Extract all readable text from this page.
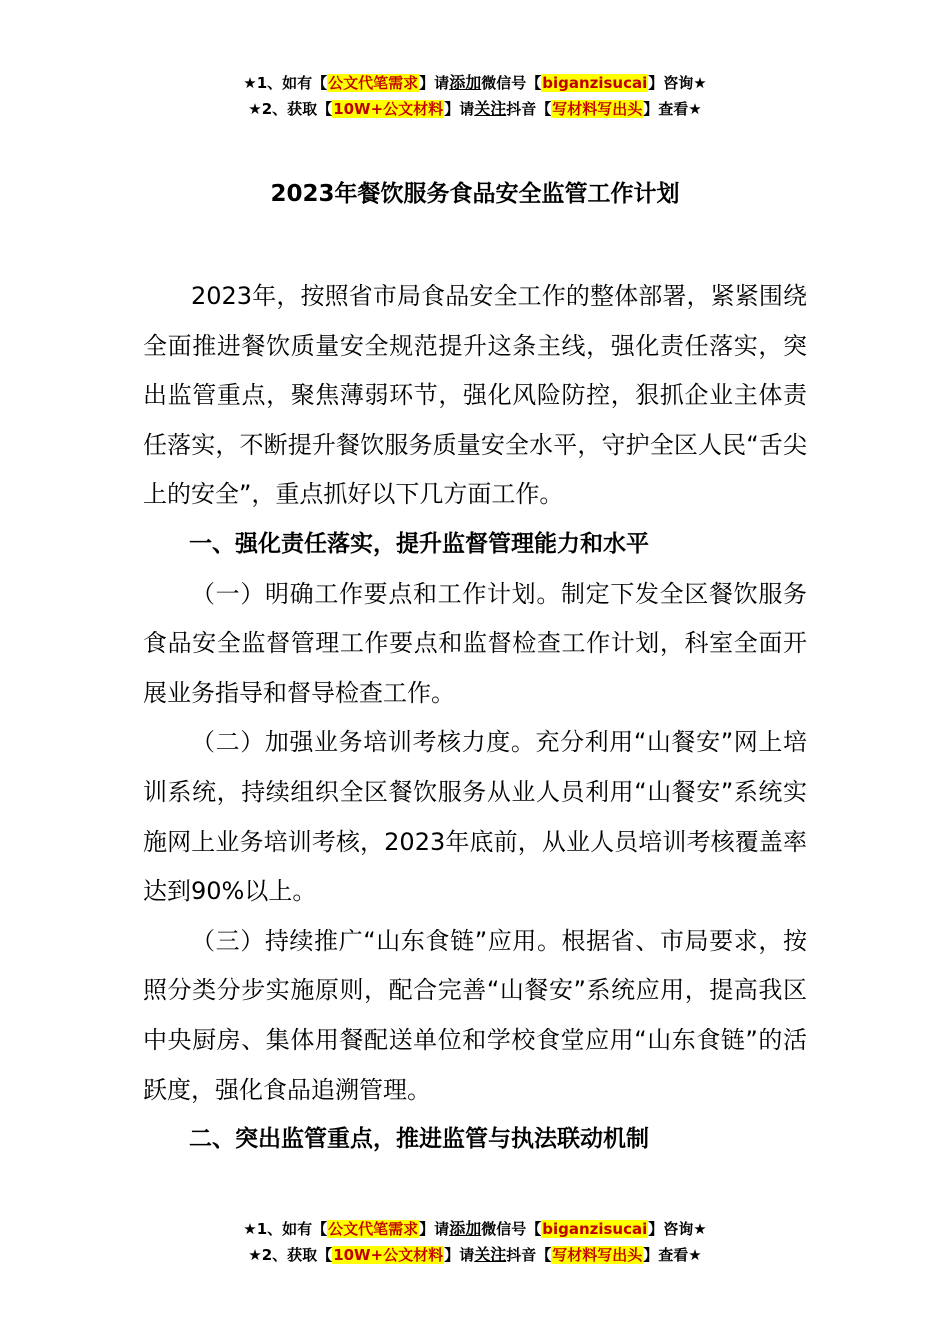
★1、如有【公文代笔需求】请添加微信号【biganzisucai】咨询★
★2、获取【10W+公文材料】请关注抖音【写材料写出头】查看★
2023年餐饮服务食品安全监管工作计划

2023年，按照省市局食品安全工作的整体部署，紧紧围绕全面推进餐饮质量安全规范提升这条主线，强化责任落实，突出监管重点，聚焦薄弱环节，强化风险防控，狠抓企业主体责任落实，不断提升餐饮服务质量安全水平，守护全区人民“舌尖上的安全”，重点抓好以下几方面工作。

一、强化责任落实，提升监督管理能力和水平

（一）明确工作要点和工作计划。制定下发全区餐饮服务食品安全监督管理工作要点和监督检查工作计划，科室全面开展业务指导和督导检查工作。

（二）加强业务培训考核力度。充分利用“山餐安”网上培训系统，持续组织全区餐饮服务从业人员利用“山餐安”系统实施网上业务培训考核，2023年底前，从业人员培训考核覆盖率达到90%以上。

（三）持续推广“山东食链”应用。根据省、市局要求，按照分类分步实施原则，配合完善“山餐安”系统应用，提高我区中央厨房、集体用餐配送单位和学校食堂应用“山东食链”的活跃度，强化食品追溯管理。

二、突出监管重点，推进监管与执法联动机制
★1、如有【公文代笔需求】请添加微信号【biganzisucai】咨询★
★2、获取【10W+公文材料】请关注抖音【写材料写出头】查看★
